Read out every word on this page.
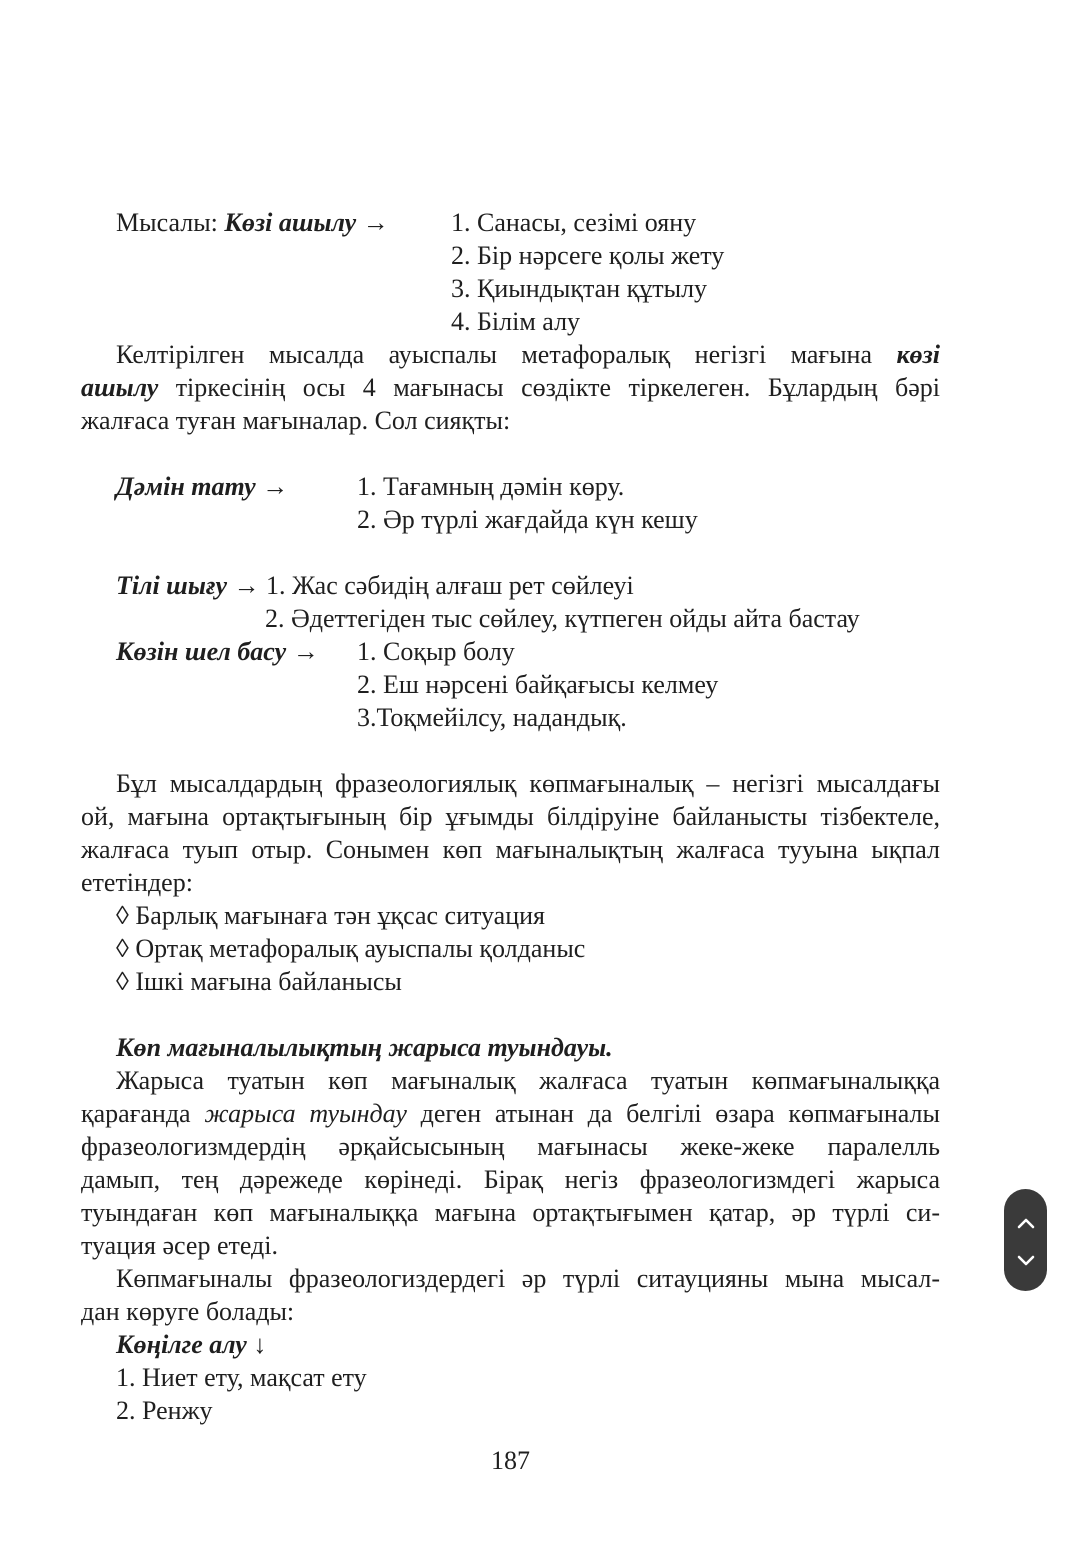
Мысалы: Көзі ашылу → 1. Санасы, сезімі ояну
2. Бір нәрсеге қолы жету
3. Қиындықтан құтылу
4. Білім алу
Келтірілген мысалда ауыспалы метафоралық негізгі мағына көзі
ашылу тіркесінің осы 4 мағынасы сөздікте тіркелеген. Бұлардың бәрі
жалғаса туған мағыналар. Сол сияқты:
Дәмін тату →	1. Тағамның дәмін көру.
2. Әр түрлі жағдайда күн кешу
Тілі шығу → 1. Жас сәбидің алғаш рет сөйлеуі
2. Әдеттегіден тыс сөйлеу, күтпеген ойды айта бастау
Көзін шел басу → 1. Соқыр болу
2. Еш нәрсені байқағысы келмеу
3.Тоқмейілсу, надандық.
Бұл мысалдардың фразеологиялық көпмағыналық – негізгі мысалдағы
ой, мағына ортақтығының бір ұғымды білдіруіне байланысты тізбектеле,
жалғаса туып отыр. Сонымен көп мағыналықтың жалғаса тууына ықпал
ететіндер:
◊ Барлық мағынаға тән ұқсас ситуация
◊ Ортақ метафоралық ауыспалы қолданыс
◊ Ішкі мағына байланысы
Көп мағыналылықтың жарыса туындауы.
Жарыса туатын көп мағыналық жалғаса туатын көпмағыналыққа
қарағанда жарыса туындау деген атынан да белгілі өзара көпмағыналы
фразеологизмдердің әрқайсысының мағынасы жеке-жеке паралелль
дамып, тең дәрежеде көрінеді. Бірақ негіз фразеологизмдегі жарыса
туындаған көп мағыналыққа мағына ортақтығымен қатар, әр түрлі си-
туация әсер етеді.
Көпмағыналы фразеологиздердегі әр түрлі ситауцияны мына мысал-
дан көруге болады:
Көңілге алу ↓
1. Ниет ету, мақсат ету
2. Ренжу
187
